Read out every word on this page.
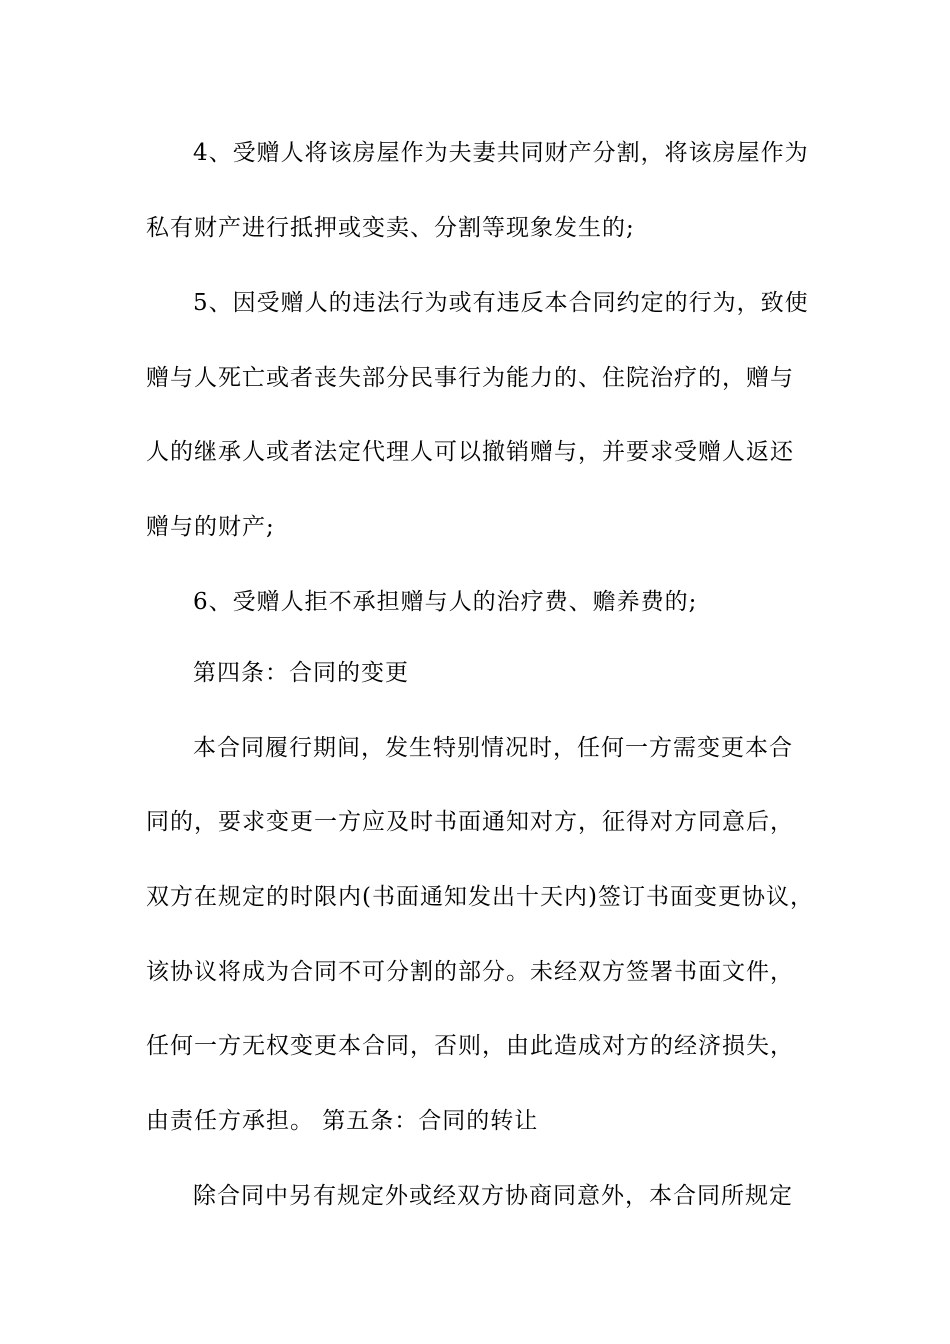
4、受赠人将该房屋作为夫妻共同财产分割，将该房屋作为
私有财产进行抵押或变卖、分割等现象发生的;
5、因受赠人的违法行为或有违反本合同约定的行为，致使
赠与人死亡或者丧失部分民事行为能力的、住院治疗的，赠与
人的继承人或者法定代理人可以撤销赠与，并要求受赠人返还
赠与的财产;
6、受赠人拒不承担赠与人的治疗费、赡养费的;
第四条：合同的变更
本合同履行期间，发生特别情况时，任何一方需变更本合
同的，要求变更一方应及时书面通知对方，征得对方同意后，
双方在规定的时限内(书面通知发出十天内)签订书面变更协议，
该协议将成为合同不可分割的部分。未经双方签署书面文件，
任何一方无权变更本合同，否则，由此造成对方的经济损失，
由责任方承担。 第五条：合同的转让
除合同中另有规定外或经双方协商同意外，本合同所规定
